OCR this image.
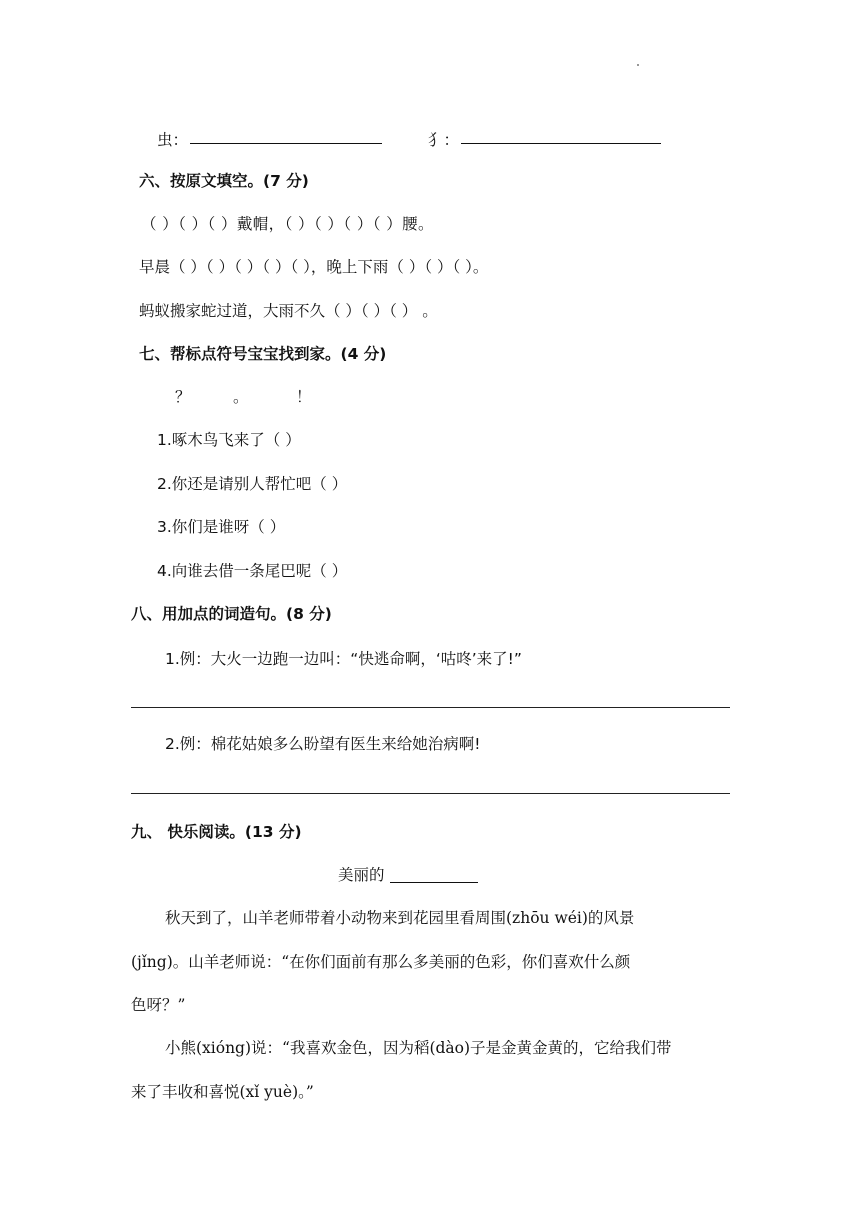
虫：	犭：
六、按原文填空。(7 分)
（ ）（ ）（ ）戴帽，（ ）（ ）（ ）（ ）腰。
早晨（ ）（ ）（ ）（ ）（ ），晚上下雨（ ）（ ）（ ）。
蚂蚁搬家蛇过道，大雨不久（ ）（ ）（ ） 。
七、帮标点符号宝宝找到家。(4 分)
？	。	！
1.啄木鸟飞来了（ ）
2.你还是请别人帮忙吧（ ）
3.你们是谁呀（ ）
4.向谁去借一条尾巴呢（ ）
八、用加点的词造句。(8 分)
1.例：大火一边跑一边叫：“快逃命啊，‘咕咚’来了!”
2.例：棉花姑娘多么盼望有医生来给她治病啊!
九、 快乐阅读。(13 分)
美丽的
秋天到了，山羊老师带着小动物来到花园里看周围(zhōu wéi)的风景
(jǐng)。山羊老师说：“在你们面前有那么多美丽的色彩，你们喜欢什么颜
色呀？”
小熊(xióng)说：“我喜欢金色，因为稻(dào)子是金黄金黄的，它给我们带
来了丰收和喜悦(xǐ yuè)。”
